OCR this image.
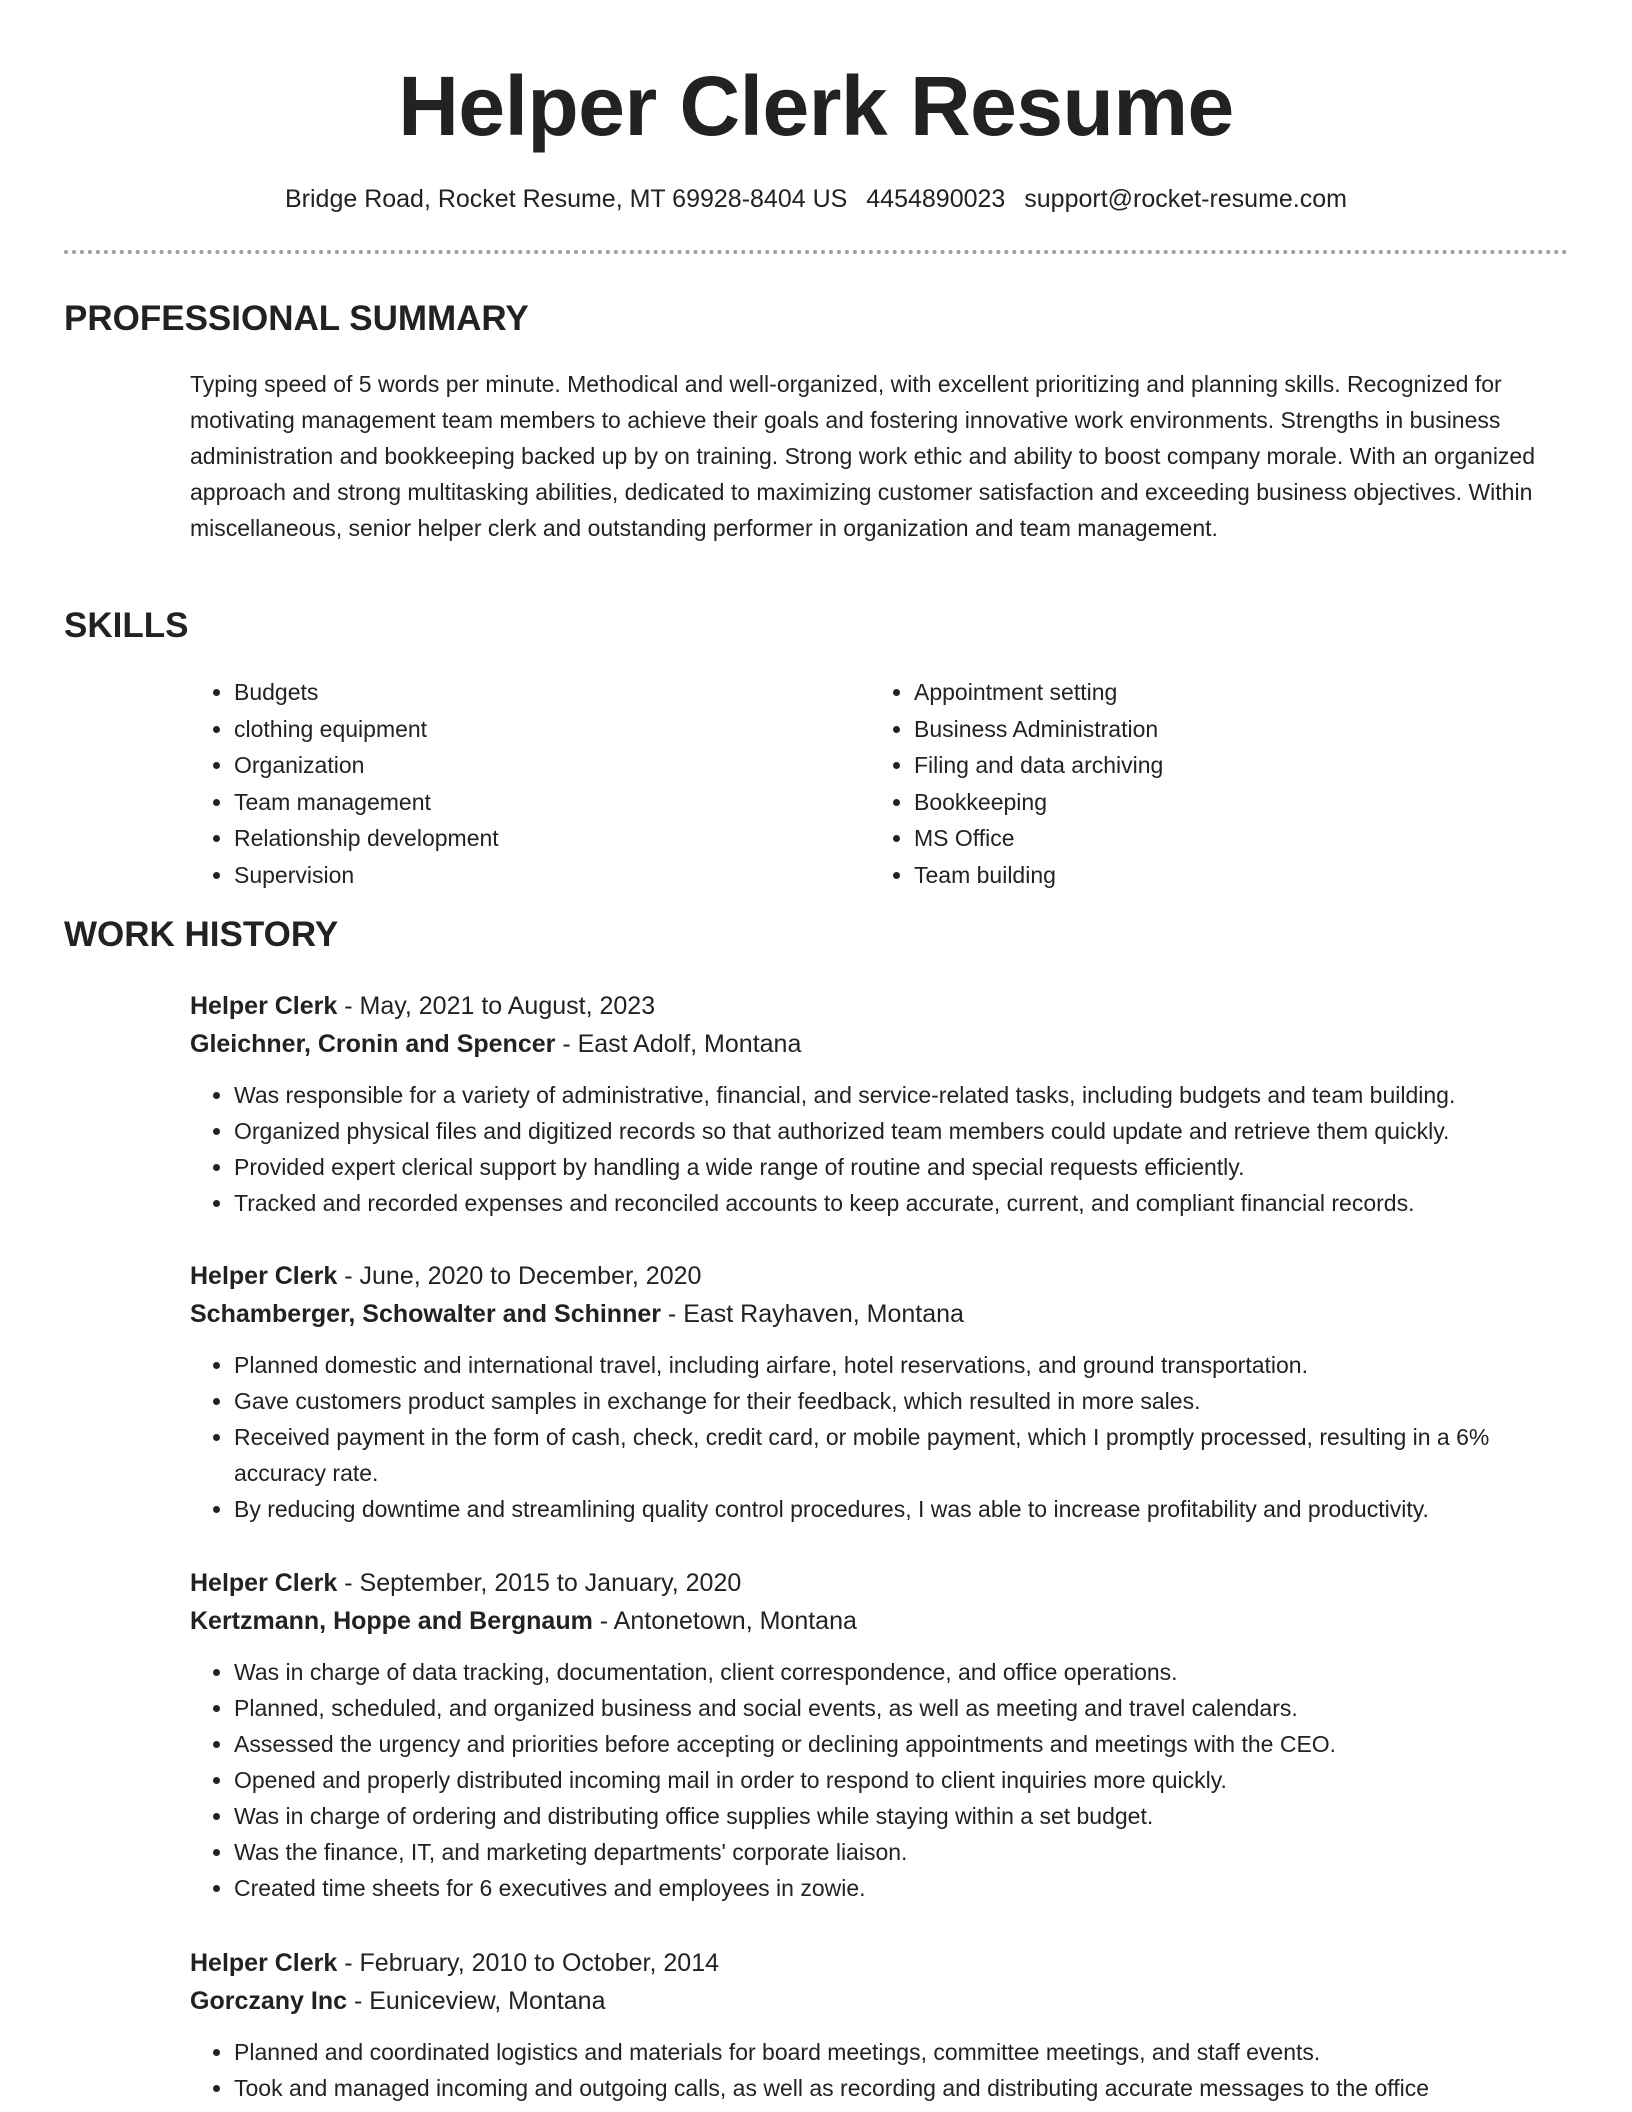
Helper Clerk Resume
Bridge Road, Rocket Resume, MT 69928-8404 US 4454890023 support@rocket-resume.com
PROFESSIONAL SUMMARY
Typing speed of 5 words per minute. Methodical and well-organized, with excellent prioritizing and planning skills. Recognized for motivating management team members to achieve their goals and fostering innovative work environments. Strengths in business administration and bookkeeping backed up by on training. Strong work ethic and ability to boost company morale. With an organized approach and strong multitasking abilities, dedicated to maximizing customer satisfaction and exceeding business objectives. Within miscellaneous, senior helper clerk and outstanding performer in organization and team management.
SKILLS
• Budgets
• clothing equipment
• Organization
• Team management
• Relationship development
• Supervision
• Appointment setting
• Business Administration
• Filing and data archiving
• Bookkeeping
• MS Office
• Team building
WORK HISTORY
Helper Clerk - May, 2021 to August, 2023
Gleichner, Cronin and Spencer - East Adolf, Montana
• Was responsible for a variety of administrative, financial, and service-related tasks, including budgets and team building.
• Organized physical files and digitized records so that authorized team members could update and retrieve them quickly.
• Provided expert clerical support by handling a wide range of routine and special requests efficiently.
• Tracked and recorded expenses and reconciled accounts to keep accurate, current, and compliant financial records.
Helper Clerk - June, 2020 to December, 2020
Schamberger, Schowalter and Schinner - East Rayhaven, Montana
• Planned domestic and international travel, including airfare, hotel reservations, and ground transportation.
• Gave customers product samples in exchange for their feedback, which resulted in more sales.
• Received payment in the form of cash, check, credit card, or mobile payment, which I promptly processed, resulting in a 6% accuracy rate.
• By reducing downtime and streamlining quality control procedures, I was able to increase profitability and productivity.
Helper Clerk - September, 2015 to January, 2020
Kertzmann, Hoppe and Bergnaum - Antonetown, Montana
• Was in charge of data tracking, documentation, client correspondence, and office operations.
• Planned, scheduled, and organized business and social events, as well as meeting and travel calendars.
• Assessed the urgency and priorities before accepting or declining appointments and meetings with the CEO.
• Opened and properly distributed incoming mail in order to respond to client inquiries more quickly.
• Was in charge of ordering and distributing office supplies while staying within a set budget.
• Was the finance, IT, and marketing departments' corporate liaison.
• Created time sheets for 6 executives and employees in zowie.
Helper Clerk - February, 2010 to October, 2014
Gorczany Inc - Euniceview, Montana
• Planned and coordinated logistics and materials for board meetings, committee meetings, and staff events.
• Took and managed incoming and outgoing calls, as well as recording and distributing accurate messages to the office
